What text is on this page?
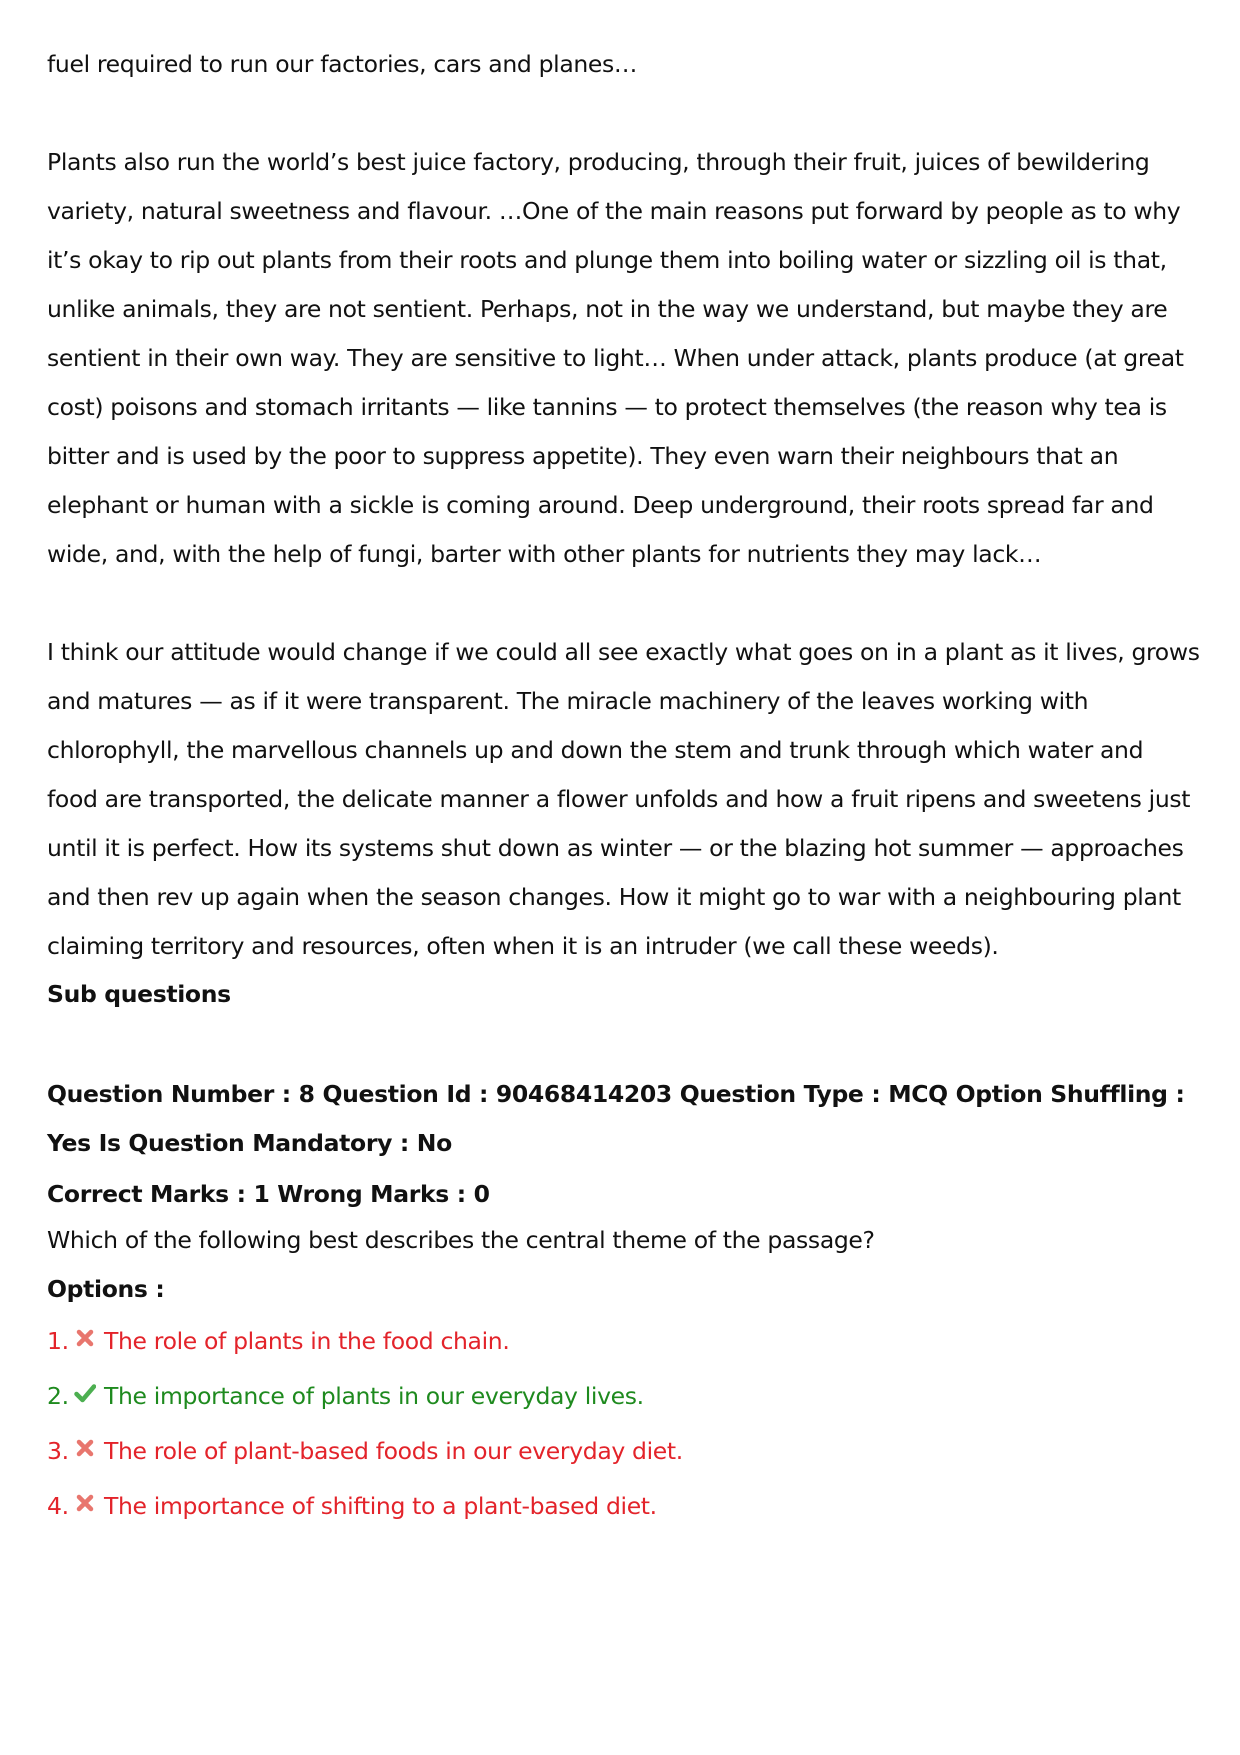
fuel required to run our factories, cars and planes…

Plants also run the world’s best juice factory, producing, through their fruit, juices of bewildering variety, natural sweetness and flavour. …One of the main reasons put forward by people as to why it’s okay to rip out plants from their roots and plunge them into boiling water or sizzling oil is that, unlike animals, they are not sentient. Perhaps, not in the way we understand, but maybe they are sentient in their own way. They are sensitive to light… When under attack, plants produce (at great cost) poisons and stomach irritants — like tannins — to protect themselves (the reason why tea is bitter and is used by the poor to suppress appetite). They even warn their neighbours that an elephant or human with a sickle is coming around. Deep underground, their roots spread far and wide, and, with the help of fungi, barter with other plants for nutrients they may lack…

I think our attitude would change if we could all see exactly what goes on in a plant as it lives, grows and matures — as if it were transparent. The miracle machinery of the leaves working with chlorophyll, the marvellous channels up and down the stem and trunk through which water and food are transported, the delicate manner a flower unfolds and how a fruit ripens and sweetens just until it is perfect. How its systems shut down as winter — or the blazing hot summer — approaches and then rev up again when the season changes. How it might go to war with a neighbouring plant claiming territory and resources, often when it is an intruder (we call these weeds).

Sub questions

Question Number : 8 Question Id : 90468414203 Question Type : MCQ Option Shuffling : Yes Is Question Mandatory : No

Correct Marks : 1 Wrong Marks : 0

Which of the following best describes the central theme of the passage?

Options :

1. The role of plants in the food chain.
2. The importance of plants in our everyday lives.
3. The role of plant-based foods in our everyday diet.
4. The importance of shifting to a plant-based diet.
